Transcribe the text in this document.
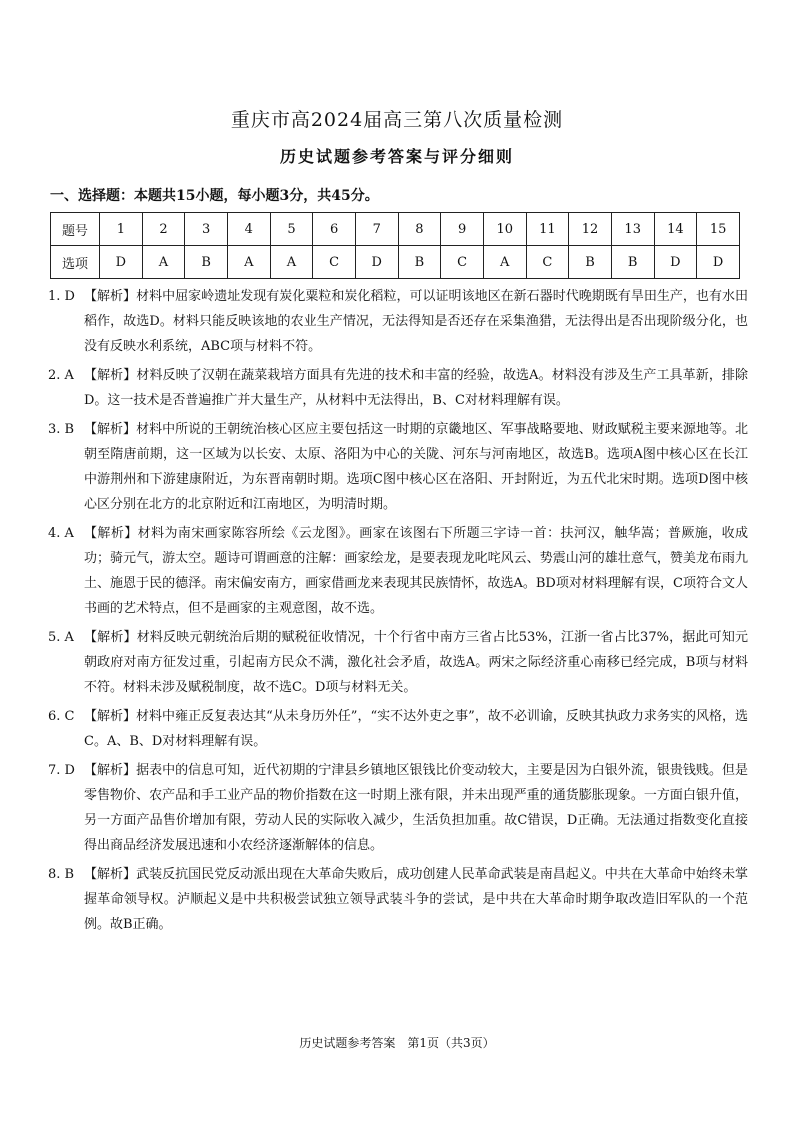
重庆市高2024届高三第八次质量检测
历史试题参考答案与评分细则
一、选择题：本题共15小题，每小题3分，共45分。
题号	1	2	3	4	5	6	7	8	9	10	11	12	13	14	15
选项	D	A	B	A	A	C	D	B	C	A	C	B	B	D	D
1. D 【解析】材料中屈家岭遗址发现有炭化粟粒和炭化稻粒，可以证明该地区在新石器时代晚期既有旱田生产，也有水田稻作，故选D。材料只能反映该地的农业生产情况，无法得知是否还存在采集渔猎，无法得出是否出现阶级分化，也没有反映水利系统，ABC项与材料不符。
2. A 【解析】材料反映了汉朝在蔬菜栽培方面具有先进的技术和丰富的经验，故选A。材料没有涉及生产工具革新，排除D。这一技术是否普遍推广并大量生产，从材料中无法得出，B、C对材料理解有误。
3. B 【解析】材料中所说的王朝统治核心区应主要包括这一时期的京畿地区、军事战略要地、财政赋税主要来源地等。北朝至隋唐前期，这一区域为以长安、太原、洛阳为中心的关陇、河东与河南地区，故选B。选项A图中核心区在长江中游荆州和下游建康附近，为东晋南朝时期。选项C图中核心区在洛阳、开封附近，为五代北宋时期。选项D图中核心区分别在北方的北京附近和江南地区，为明清时期。
4. A 【解析】材料为南宋画家陈容所绘《云龙图》。画家在该图右下所题三字诗一首：扶河汉，触华嵩；普厥施，收成功；骑元气，游太空。题诗可谓画意的注解：画家绘龙，是要表现龙叱咤风云、势震山河的雄壮意气，赞美龙布雨九土、施恩于民的德泽。南宋偏安南方，画家借画龙来表现其民族情怀，故选A。BD项对材料理解有误，C项符合文人书画的艺术特点，但不是画家的主观意图，故不选。
5. A 【解析】材料反映元朝统治后期的赋税征收情况，十个行省中南方三省占比53%，江浙一省占比37%，据此可知元朝政府对南方征发过重，引起南方民众不满，激化社会矛盾，故选A。两宋之际经济重心南移已经完成，B项与材料不符。材料未涉及赋税制度，故不选C。D项与材料无关。
6. C 【解析】材料中雍正反复表达其“从未身历外任”，“实不达外吏之事”，故不必训谕，反映其执政力求务实的风格，选C。A、B、D对材料理解有误。
7. D 【解析】据表中的信息可知，近代初期的宁津县乡镇地区银钱比价变动较大，主要是因为白银外流，银贵钱贱。但是零售物价、农产品和手工业产品的物价指数在这一时期上涨有限，并未出现严重的通货膨胀现象。一方面白银升值，另一方面产品售价增加有限，劳动人民的实际收入减少，生活负担加重。故C错误，D正确。无法通过指数变化直接得出商品经济发展迅速和小农经济逐渐解体的信息。
8. B 【解析】武装反抗国民党反动派出现在大革命失败后，成功创建人民革命武装是南昌起义。中共在大革命中始终未掌握革命领导权。泸顺起义是中共积极尝试独立领导武装斗争的尝试，是中共在大革命时期争取改造旧军队的一个范例。故B正确。
历史试题参考答案　第1页（共3页）
